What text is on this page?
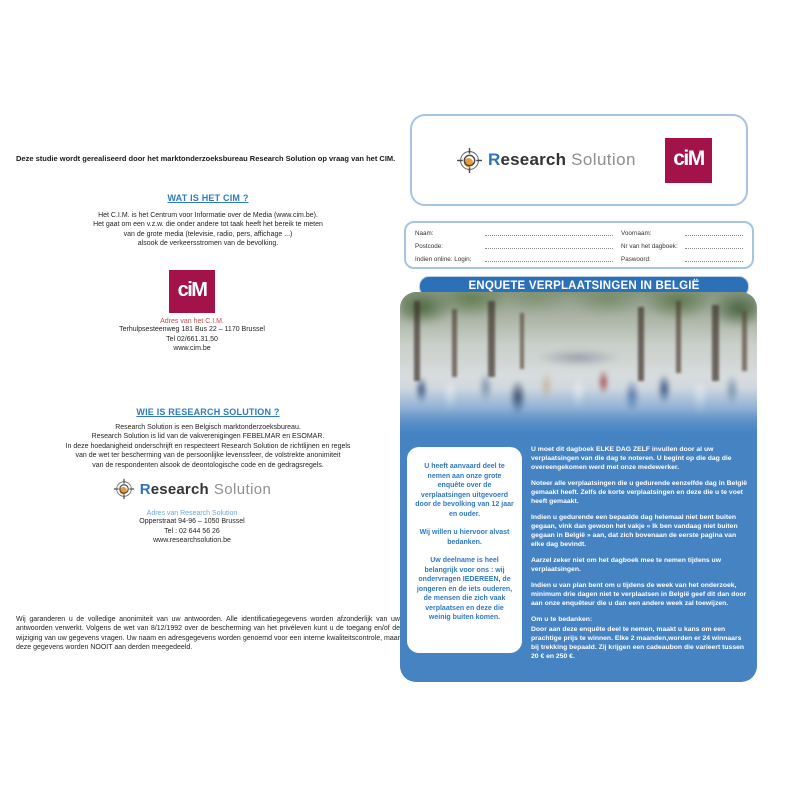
Deze studie wordt gerealiseerd door het marktonderzoeksbureau Research Solution op vraag van het CIM.
WAT IS HET CIM ?
Het C.I.M. is het Centrum voor Informatie over de Media (www.cim.be).
Het gaat om een v.z.w. die onder andere tot taak heeft het bereik te meten
van de grote media (televisie, radio, pers, affichage ...)
alsook de verkeersstromen van de bevolking.
ciM
Adres van het C.I.M.
Terhulpsesteenweg 181 Bus 22 – 1170 Brussel
Tel 02/661.31.50
www.cim.be
WIE IS RESEARCH SOLUTION ?
Research Solution is een Belgisch marktonderzoeksbureau.
Research Solution is lid van de vakverenigingen FEBELMAR en ESOMAR.
In deze hoedanigheid onderschrijft en respecteert Research Solution de richtlijnen en regels
van de wet ter bescherming van de persoonlijke levenssfeer, de volstrekte anonimiteit
van de respondenten alsook de deontologische code en de gedragsregels.
Research Solution
Adres van Research Solution
Opperstraat 94-96 – 1050 Brussel
Tel : 02 644 56 26
www.researchsolution.be
Wij garanderen u de volledige anonimiteit van uw antwoorden. Alle identificatiegegevens worden afzonderlijk van uw antwoorden verwerkt. Volgens de wet van 8/12/1992 over de bescherming van het privéleven kunt u de toegang en/of de wijziging van uw gegevens vragen. Uw naam en adresgegevens worden genoemd voor een interne kwaliteitscontrole, maar deze gegevens worden NOOIT aan derden meegedeeld.
Research Solution ciM
Naam:	Voornaam:
Postcode:	Nr van het dagboek:
Indien online: Login:	Paswoord:
ENQUETE VERPLAATSINGEN IN BELGIË

U heeft aanvaard deel te nemen aan onze grote enquête over de verplaatsingen uitgevoerd door de bevolking van 12 jaar en ouder.

Wij willen u hiervoor alvast bedanken.

Uw deelname is heel belangrijk voor ons : wij ondervragen IEDEREEN, de jongeren en de iets ouderen, de mensen die zich vaak verplaatsen en deze die weinig buiten komen.

U moet dit dagboek ELKE DAG ZELF invullen door al uw verplaatsingen van die dag te noteren. U begint op die dag die overeengekomen werd met onze medewerker.

Noteer alle verplaatsingen die u gedurende eenzelfde dag in België gemaakt heeft. Zelfs de korte verplaatsingen en deze die u te voet heeft gemaakt.

Indien u gedurende een bepaalde dag helemaal niet bent buiten gegaan, vink dan gewoon het vakje « Ik ben vandaag niet buiten gegaan in België » aan, dat zich bovenaan de eerste pagina van elke dag bevindt.

Aarzel zeker niet om het dagboek mee te nemen tijdens uw verplaatsingen.

Indien u van plan bent om u tijdens de week van het onderzoek, minimum drie dagen niet te verplaatsen in België geef dit dan door aan onze enquêteur die u dan een andere week zal toewijzen.

Om u te bedanken:

Door aan deze enquête deel te nemen, maakt u kans om een prachtige prijs te winnen. Elke 2 maanden,worden er 24 winnaars bij trekking bepaald. Zij krijgen een cadeaubon die varieert tussen 20 € en 250 €.
